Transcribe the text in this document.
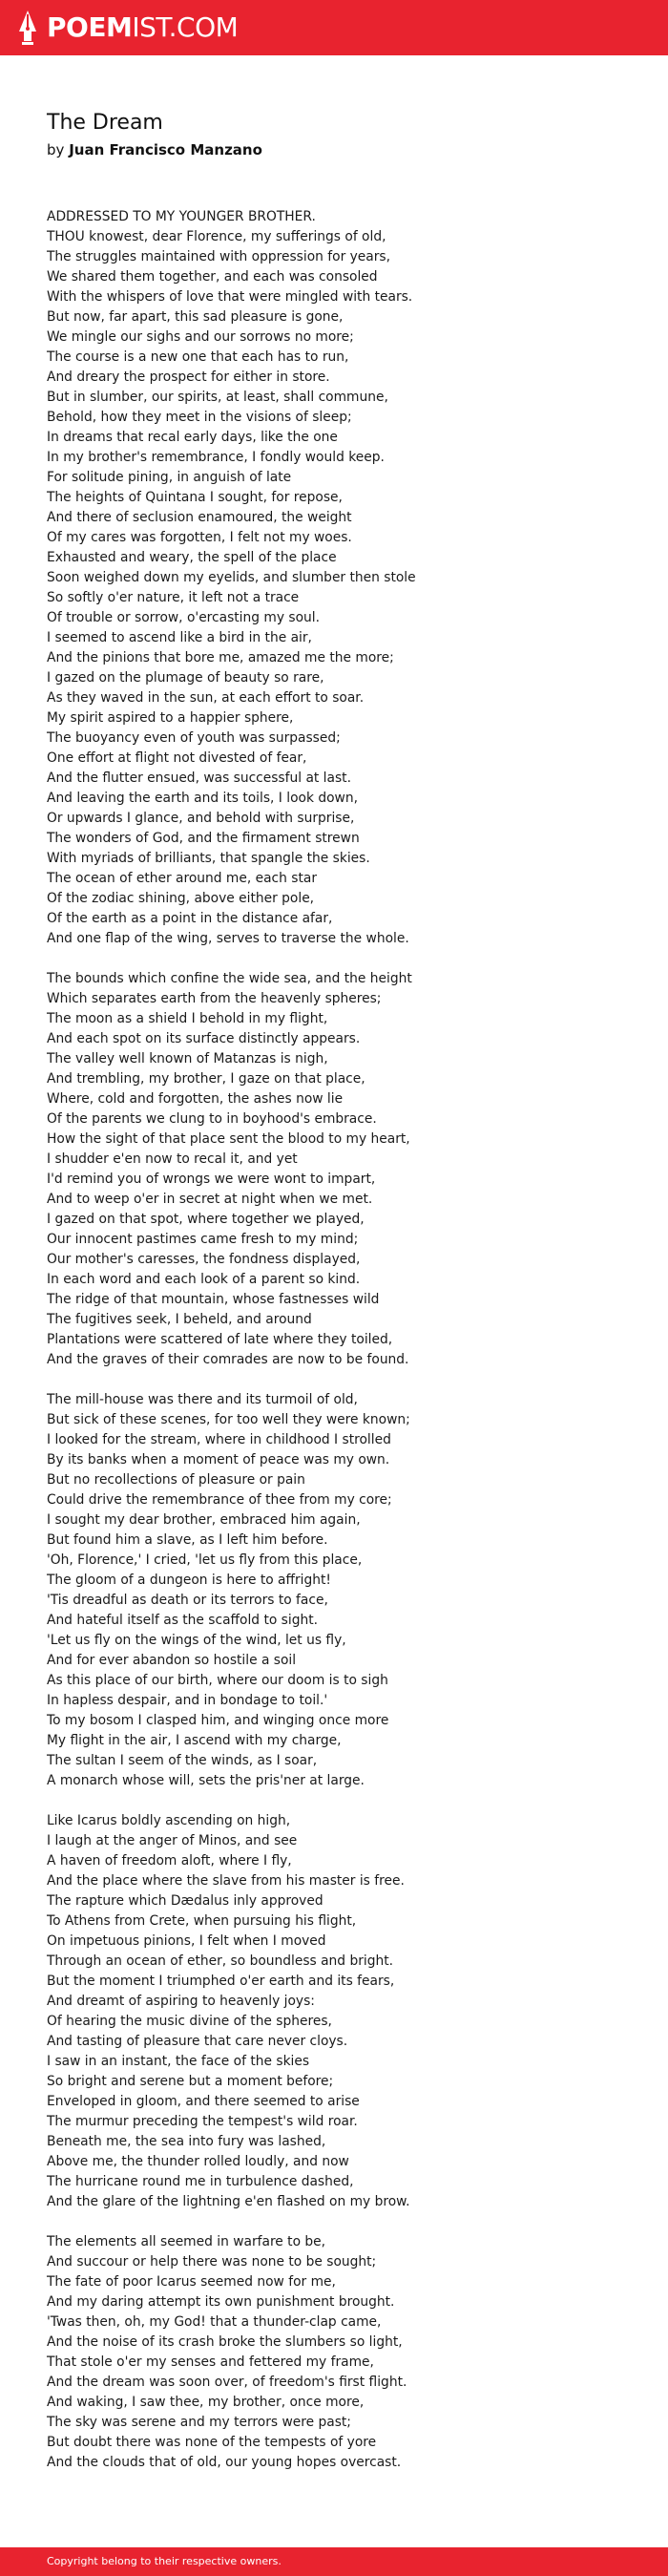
POEMIST.COM
The Dream
by Juan Francisco Manzano
ADDRESSED TO MY YOUNGER BROTHER.
THOU knowest, dear Florence, my sufferings of old,
The struggles maintained with oppression for years,
We shared them together, and each was consoled
With the whispers of love that were mingled with tears.
But now, far apart, this sad pleasure is gone,
We mingle our sighs and our sorrows no more;
The course is a new one that each has to run,
And dreary the prospect for either in store.
But in slumber, our spirits, at least, shall commune,
Behold, how they meet in the visions of sleep;
In dreams that recal early days, like the one
In my brother's remembrance, I fondly would keep.
For solitude pining, in anguish of late
The heights of Quintana I sought, for repose,
And there of seclusion enamoured, the weight
Of my cares was forgotten, I felt not my woes.
Exhausted and weary, the spell of the place
Soon weighed down my eyelids, and slumber then stole
So softly o'er nature, it left not a trace
Of trouble or sorrow, o'ercasting my soul.
I seemed to ascend like a bird in the air,
And the pinions that bore me, amazed me the more;
I gazed on the plumage of beauty so rare,
As they waved in the sun, at each effort to soar.
My spirit aspired to a happier sphere,
The buoyancy even of youth was surpassed;
One effort at flight not divested of fear,
And the flutter ensued, was successful at last.
And leaving the earth and its toils, I look down,
Or upwards I glance, and behold with surprise,
The wonders of God, and the firmament strewn
With myriads of brilliants, that spangle the skies.
The ocean of ether around me, each star
Of the zodiac shining, above either pole,
Of the earth as a point in the distance afar,
And one flap of the wing, serves to traverse the whole.
The bounds which confine the wide sea, and the height
Which separates earth from the heavenly spheres;
The moon as a shield I behold in my flight,
And each spot on its surface distinctly appears.
The valley well known of Matanzas is nigh,
And trembling, my brother, I gaze on that place,
Where, cold and forgotten, the ashes now lie
Of the parents we clung to in boyhood's embrace.
How the sight of that place sent the blood to my heart,
I shudder e'en now to recal it, and yet
I'd remind you of wrongs we were wont to impart,
And to weep o'er in secret at night when we met.
I gazed on that spot, where together we played,
Our innocent pastimes came fresh to my mind;
Our mother's caresses, the fondness displayed,
In each word and each look of a parent so kind.
The ridge of that mountain, whose fastnesses wild
The fugitives seek, I beheld, and around
Plantations were scattered of late where they toiled,
And the graves of their comrades are now to be found.
The mill-house was there and its turmoil of old,
But sick of these scenes, for too well they were known;
I looked for the stream, where in childhood I strolled
By its banks when a moment of peace was my own.
But no recollections of pleasure or pain
Could drive the remembrance of thee from my core;
I sought my dear brother, embraced him again,
But found him a slave, as I left him before.
'Oh, Florence,' I cried, 'let us fly from this place,
The gloom of a dungeon is here to affright!
'Tis dreadful as death or its terrors to face,
And hateful itself as the scaffold to sight.
'Let us fly on the wings of the wind, let us fly,
And for ever abandon so hostile a soil
As this place of our birth, where our doom is to sigh
In hapless despair, and in bondage to toil.'
To my bosom I clasped him, and winging once more
My flight in the air, I ascend with my charge,
The sultan I seem of the winds, as I soar,
A monarch whose will, sets the pris'ner at large.
Like Icarus boldly ascending on high,
I laugh at the anger of Minos, and see
A haven of freedom aloft, where I fly,
And the place where the slave from his master is free.
The rapture which Dædalus inly approved
To Athens from Crete, when pursuing his flight,
On impetuous pinions, I felt when I moved
Through an ocean of ether, so boundless and bright.
But the moment I triumphed o'er earth and its fears,
And dreamt of aspiring to heavenly joys:
Of hearing the music divine of the spheres,
And tasting of pleasure that care never cloys.
I saw in an instant, the face of the skies
So bright and serene but a moment before;
Enveloped in gloom, and there seemed to arise
The murmur preceding the tempest's wild roar.
Beneath me, the sea into fury was lashed,
Above me, the thunder rolled loudly, and now
The hurricane round me in turbulence dashed,
And the glare of the lightning e'en flashed on my brow.
The elements all seemed in warfare to be,
And succour or help there was none to be sought;
The fate of poor Icarus seemed now for me,
And my daring attempt its own punishment brought.
'Twas then, oh, my God! that a thunder-clap came,
And the noise of its crash broke the slumbers so light,
That stole o'er my senses and fettered my frame,
And the dream was soon over, of freedom's first flight.
And waking, I saw thee, my brother, once more,
The sky was serene and my terrors were past;
But doubt there was none of the tempests of yore
And the clouds that of old, our young hopes overcast.
Copyright belong to their respective owners.
